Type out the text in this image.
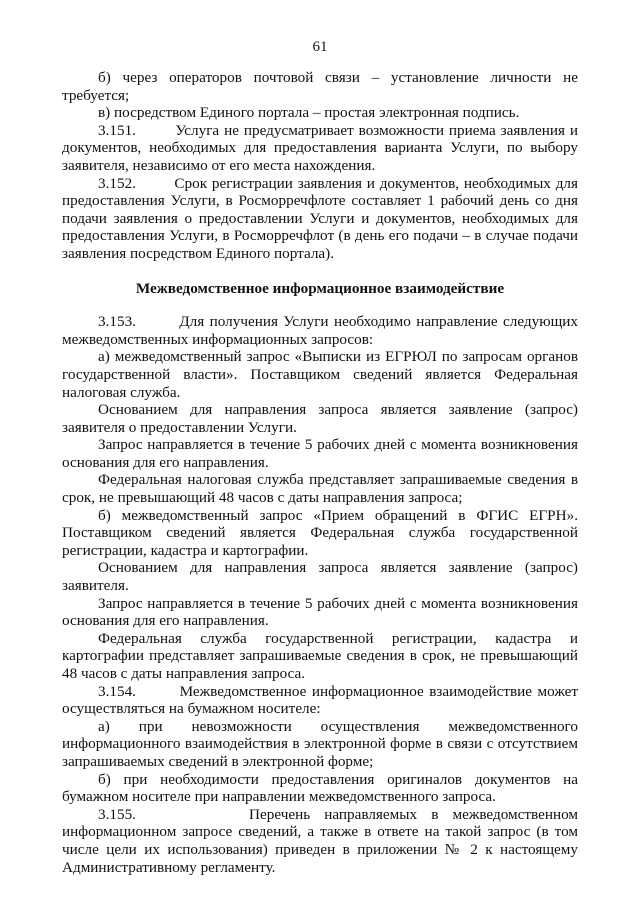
61

б) через операторов почтовой связи – установление личности не требуется;

в) посредством Единого портала – простая электронная подпись.

3.151.        Услуга не предусматривает возможности приема заявления и документов, необходимых для предоставления варианта Услуги, по выбору заявителя, независимо от его места нахождения.

3.152.        Срок регистрации заявления и документов, необходимых для предоставления Услуги, в Росморречфлоте составляет 1 рабочий день со дня подачи заявления о предоставлении Услуги и документов, необходимых для предоставления Услуги, в Росморречфлот (в день его подачи – в случае подачи заявления посредством Единого портала).

Межведомственное информационное взаимодействие

3.153.        Для получения Услуги необходимо направление следующих межведомственных информационных запросов:

а) межведомственный запрос «Выписки из ЕГРЮЛ по запросам органов государственной власти». Поставщиком сведений является Федеральная налоговая служба.

Основанием для направления запроса является заявление (запрос) заявителя о предоставлении Услуги.

Запрос направляется в течение 5 рабочих дней с момента возникновения основания для его направления.

Федеральная налоговая служба представляет запрашиваемые сведения в срок, не превышающий 48 часов с даты направления запроса;

б) межведомственный запрос «Прием обращений в ФГИС ЕГРН». Поставщиком сведений является Федеральная служба государственной регистрации, кадастра и картографии.

Основанием для направления запроса является заявление (запрос) заявителя.

Запрос направляется в течение 5 рабочих дней с момента возникновения основания для его направления.

Федеральная служба государственной регистрации, кадастра и картографии представляет запрашиваемые сведения в срок, не превышающий 48 часов с даты направления запроса.

3.154.        Межведомственное информационное взаимодействие может осуществляться на бумажном носителе:

а) при невозможности осуществления межведомственного информационного взаимодействия в электронной форме в связи с отсутствием запрашиваемых сведений в электронной форме;

б) при необходимости предоставления оригиналов документов на бумажном носителе при направлении межведомственного запроса.

3.155.        Перечень направляемых в межведомственном информационном запросе сведений, а также в ответе на такой запрос (в том числе цели их использования) приведен в приложении № 2 к настоящему Административному регламенту.
